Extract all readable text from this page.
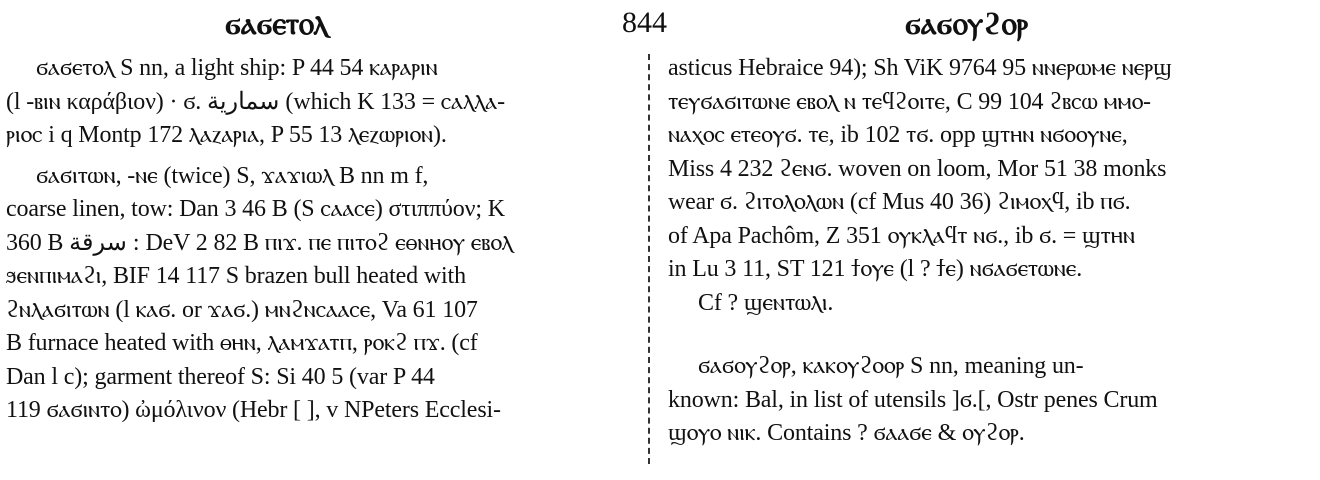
ϭⲁϭⲉⲧⲟⲗ	844	ϭⲁϭⲟⲩϩⲟⲣ
ϭⲁϭⲉⲧⲟⲗ S nn, a light ship: P 44 54 ⲕⲁⲣⲁⲣⲓⲛ
(l -ⲃⲓⲛ καράβιον) · ϭ. سمارية (which K 133 = ⲥⲁⲗⲗⲁ-
ⲣⲓⲟⲥ i q Montp 172 ⲗⲁⲍⲁⲣⲓⲁ, P 55 13 ⲗⲉⲍⲱⲣⲓⲟⲛ).
ϭⲁϭⲓⲧⲱⲛ, -ⲛⲉ (twice) S, ϫⲁϫⲓⲱⲗ B nn m f,
coarse linen, tow: Dan 3 46 B (S ⲥⲁⲁⲥⲉ) στιππύον; K
360 B سرقة : DeV 2 82 B ⲡⲓϫ. ⲡⲉ ⲡⲓⲧⲟϩ ⲉⲑⲛⲏⲟⲩ ⲉⲃⲟⲗ
ϧⲉⲛⲡⲓⲙⲁϩⲓ, BIF 14 117 S brazen bull heated with
ϩⲛⲗⲁϭⲓⲧⲱⲛ (l ⲕⲁϭ. or ϫⲁϭ.) ⲙⲛϩⲛⲥⲁⲁⲥⲉ, Va 61 107
B furnace heated with ⲑⲏⲛ, ⲗⲁⲙϫⲁⲧⲡ, ⲣⲟⲕϩ ⲡϫ. (cf
Dan l c); garment thereof S: Si 40 5 (var P 44
119 ϭⲁϭⲓⲛⲧⲟ) ὠμόλινον (Hebr [ ], v NPeters Ecclesi-
asticus Hebraice 94); Sh ViK 9764 95 ⲛⲛⲉⲣⲱⲙⲉ ⲛⲉⲣϣ
ⲧⲉⲩϭⲁϭⲓⲧⲱⲛⲉ ⲉⲃⲟⲗ ⲛ ⲧⲉϥϩⲟⲓⲧⲉ, C 99 104 ϩⲃⲥⲱ ⲙⲙⲟ-
ⲛⲁⲭⲟⲥ ⲉⲧⲉⲟⲩϭ. ⲧⲉ, ib 102 ⲧϭ. opp ϣⲧⲏⲛ ⲛϭⲟⲟⲩⲛⲉ,
Miss 4 232 ϩⲉⲛϭ. woven on loom, Mor 51 38 monks
wear ϭ. ϩⲓⲧⲟⲗⲟⲗⲱⲛ (cf Mus 40 36) ϩⲓⲙⲟⲭϥ, ib ⲡϭ.
of Apa Pachôm, Z 351 ⲟⲩⲕⲗⲁϥⲧ ⲛϭ., ib ϭ. = ϣⲧⲏⲛ
in Lu 3 11, ST 121 ϯⲟⲩⲉ (l ? ϯⲉ) ⲛϭⲁϭⲉⲧⲱⲛⲉ.
Cf ? ϣⲉⲛⲧⲱⲗⲓ.
ϭⲁϭⲟⲩϩⲟⲣ, ⲕⲁⲕⲟⲩϩⲟⲟⲣ S nn, meaning un-
known: Bal, in list of utensils ]ϭ.[, Ostr penes Crum
ϣⲟⲩⲟ ⲛⲓⲕ. Contains ? ϭⲁⲁϭⲉ & ⲟⲩϩⲟⲣ.
